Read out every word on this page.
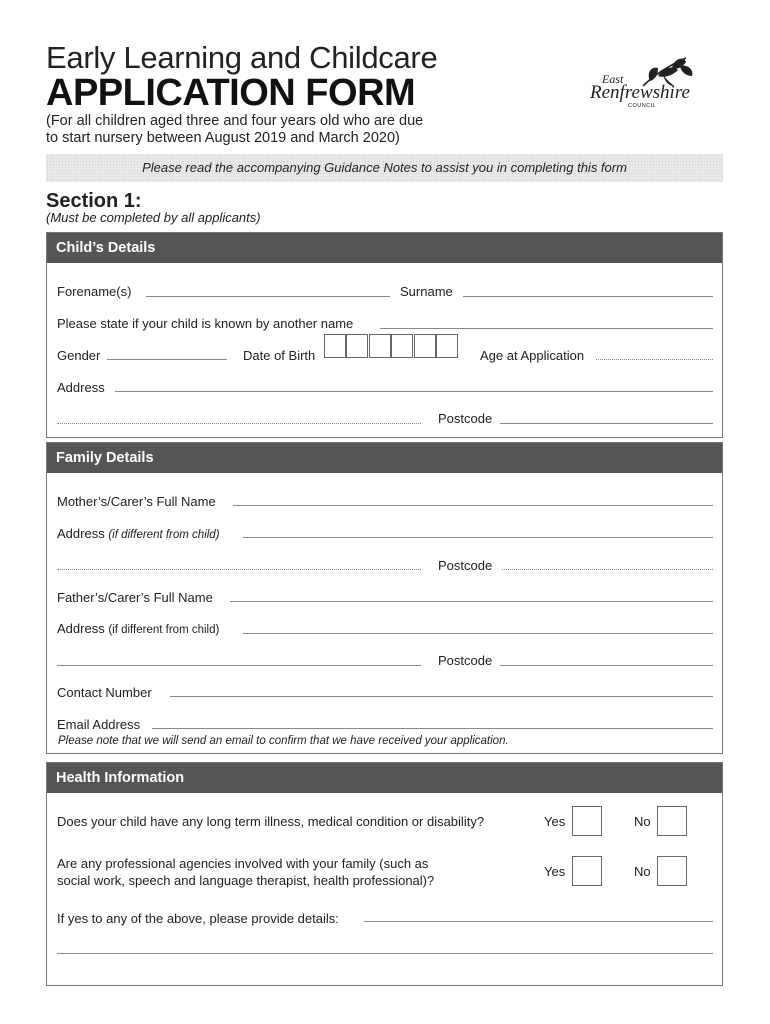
Early Learning and Childcare
APPLICATION FORM
(For all children aged three and four years old who are due
to start nursery between August 2019 and March 2020)
East
Renfrewshire
COUNCIL
Please read the accompanying Guidance Notes to assist you in completing this form
Section 1:
(Must be completed by all applicants)
Child’s Details
Forename(s)	Surname
Please state if your child is known by another name
Gender	Date of Birth	Age at Application
Address
Postcode
Family Details
Mother’s/Carer’s Full Name
Address (if different from child)
Postcode
Father’s/Carer’s Full Name
Address (if different from child)
Postcode
Contact Number
Email Address
Please note that we will send an email to confirm that we have received your application.
Health Information
Does your child have any long term illness, medical condition or disability?	Yes	No
Are any professional agencies involved with your family (such as
social work, speech and language therapist, health professional)?
Yes	No
If yes to any of the above, please provide details:
